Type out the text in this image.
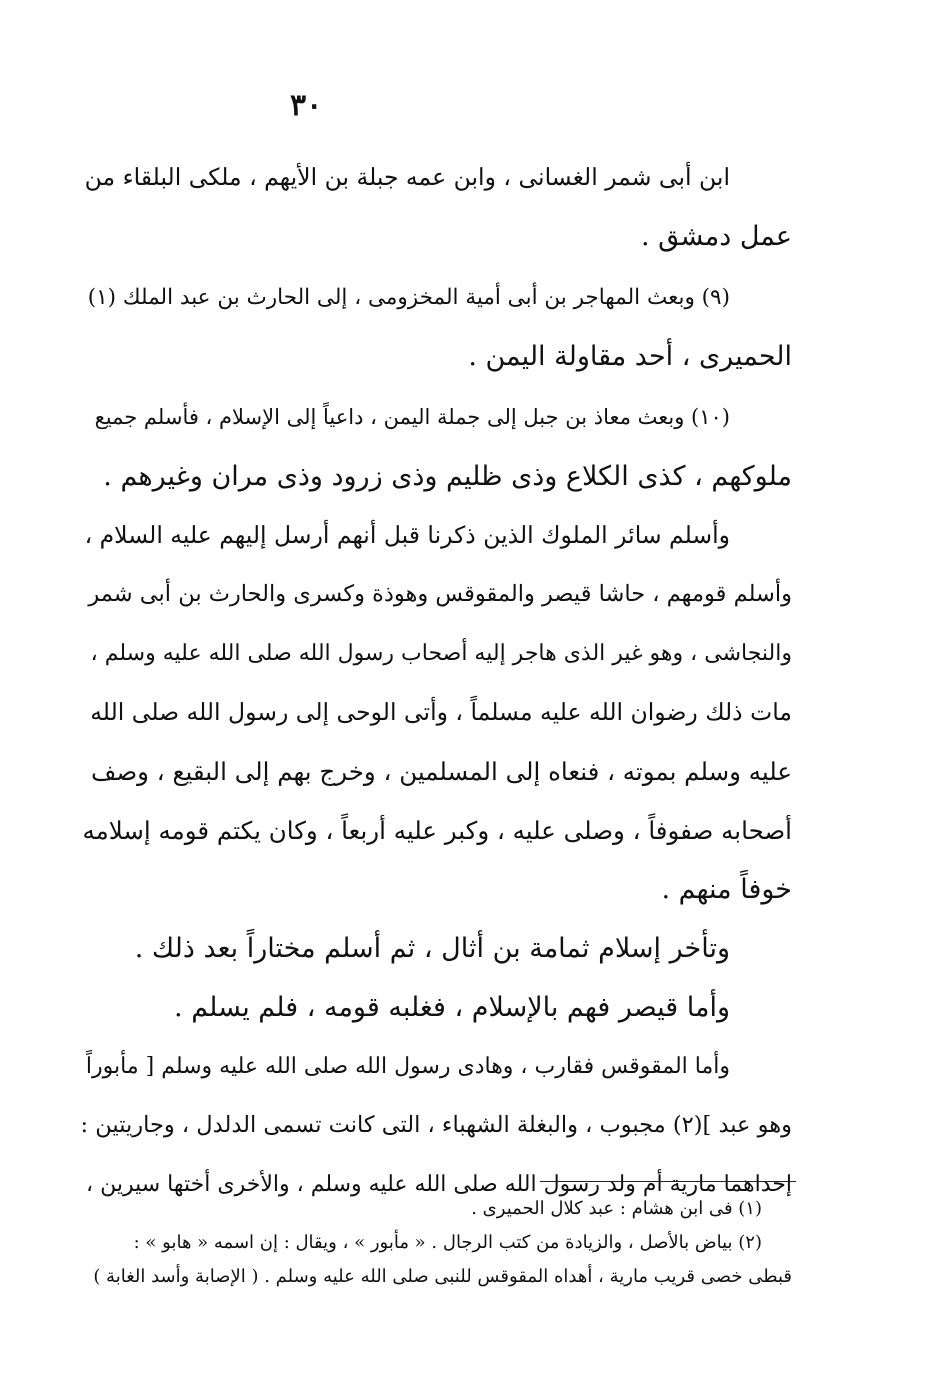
٣٠
ابن أبى شمر الغسانى ، وابن عمه جبلة بن الأيهم ، ملكى البلقاء من
عمل دمشق .
(٩) وبعث المهاجر بن أبى أمية المخزومى ، إلى الحارث بن عبد الملك (١)
الحميرى ، أحد مقاولة اليمن .
(١٠) وبعث معاذ بن جبل إلى جملة اليمن ، داعياً إلى الإسلام ، فأسلم جميع
ملوكهم ، كذى الكلاع وذى ظليم وذى زرود وذى مران وغيرهم .
وأسلم سائر الملوك الذين ذكرنا قبل أنهم أرسل إليهم عليه السلام ،
وأسلم قومهم ، حاشا قيصر والمقوقس وهوذة وكسرى والحارث بن أبى شمر
والنجاشى ، وهو غير الذى هاجر إليه أصحاب رسول الله صلى الله عليه وسلم ،
مات ذلك رضوان الله عليه مسلماً ، وأتى الوحى إلى رسول الله صلى الله
عليه وسلم بموته ، فنعاه إلى المسلمين ، وخرج بهم إلى البقيع ، وصف
أصحابه صفوفاً ، وصلى عليه ، وكبر عليه أربعاً ، وكان يكتم قومه إسلامه
خوفاً منهم .
وتأخر إسلام ثمامة بن أثال ، ثم أسلم مختاراً بعد ذلك .
وأما قيصر فهم بالإسلام ، فغلبه قومه ، فلم يسلم .
وأما المقوقس فقارب ، وهادى رسول الله صلى الله عليه وسلم [ مأبوراً
وهو عبد ](٢) مجبوب ، والبغلة الشهباء ، التى كانت تسمى الدلدل ، وجاريتين :
إحداهما مارية أم ولد رسول الله صلى الله عليه وسلم ، والأخرى أختها سيرين ،
(١) فى ابن هشام : عبد كلال الحميرى .
(٢) بياض بالأصل ، والزيادة من كتب الرجال . « مأبور » ، ويقال : إن اسمه « هابو » :
قبطى خصى قريب مارية ، أهداه المقوقس للنبى صلى الله عليه وسلم . ( الإصابة وأسد الغابة )
